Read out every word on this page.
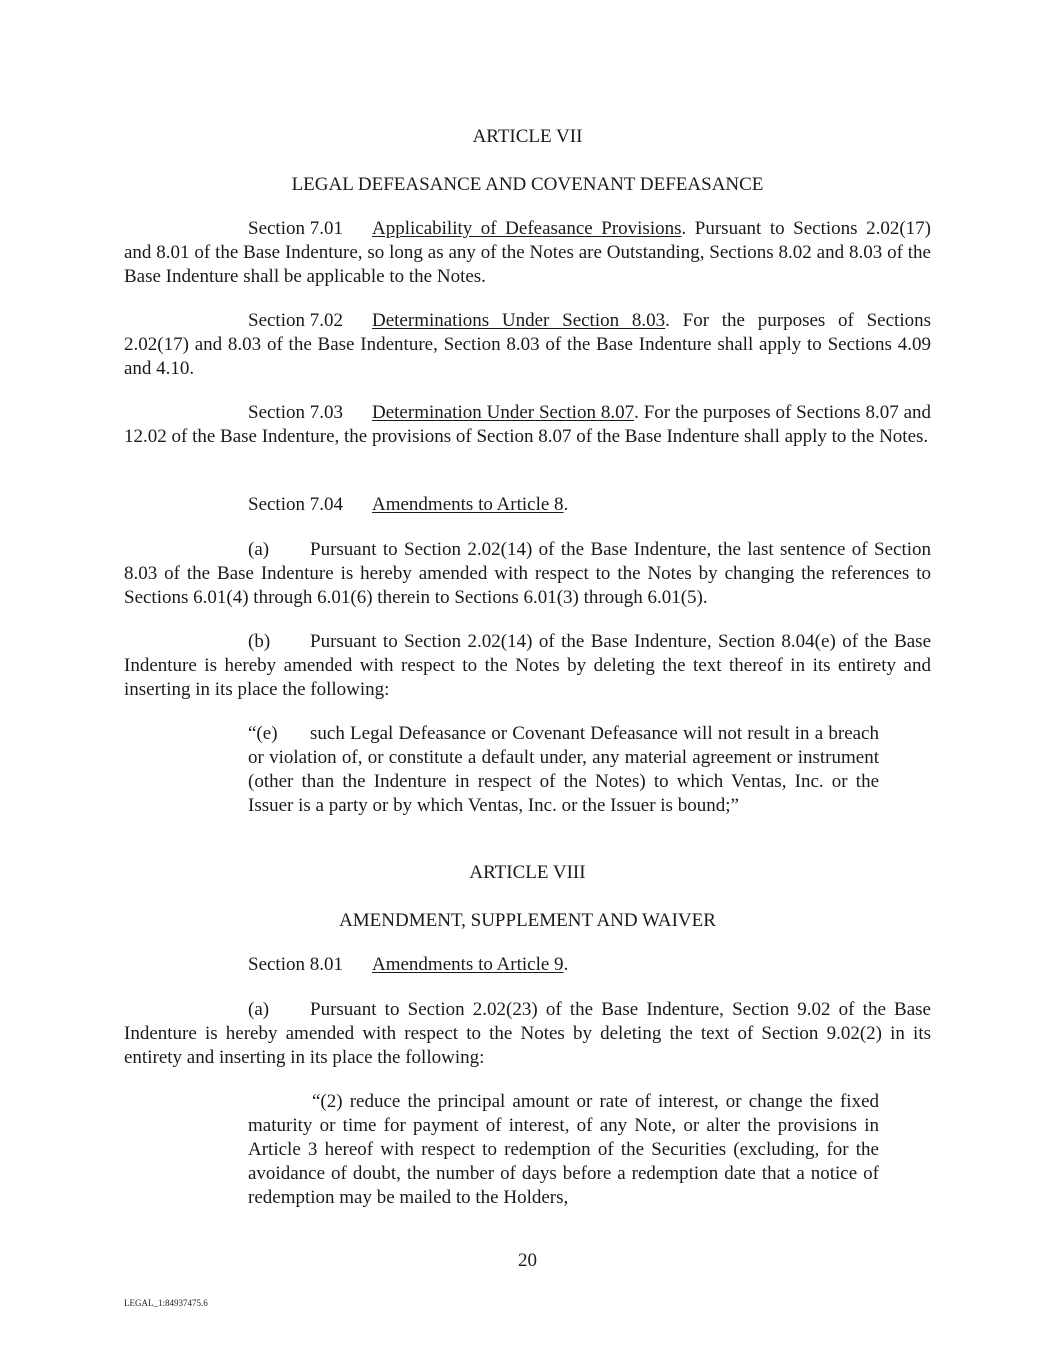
ARTICLE VII
LEGAL DEFEASANCE AND COVENANT DEFEASANCE
Section 7.01 Applicability of Defeasance Provisions. Pursuant to Sections 2.02(17) and 8.01 of the Base Indenture, so long as any of the Notes are Outstanding, Sections 8.02 and 8.03 of the Base Indenture shall be applicable to the Notes.
Section 7.02 Determinations Under Section 8.03. For the purposes of Sections 2.02(17) and 8.03 of the Base Indenture, Section 8.03 of the Base Indenture shall apply to Sections 4.09 and 4.10.
Section 7.03 Determination Under Section 8.07. For the purposes of Sections 8.07 and 12.02 of the Base Indenture, the provisions of Section 8.07 of the Base Indenture shall apply to the Notes.
Section 7.04 Amendments to Article 8.
(a) Pursuant to Section 2.02(14) of the Base Indenture, the last sentence of Section 8.03 of the Base Indenture is hereby amended with respect to the Notes by changing the references to Sections 6.01(4) through 6.01(6) therein to Sections 6.01(3) through 6.01(5).
(b) Pursuant to Section 2.02(14) of the Base Indenture, Section 8.04(e) of the Base Indenture is hereby amended with respect to the Notes by deleting the text thereof in its entirety and inserting in its place the following:
“(e) such Legal Defeasance or Covenant Defeasance will not result in a breach or violation of, or constitute a default under, any material agreement or instrument (other than the Indenture in respect of the Notes) to which Ventas, Inc. or the Issuer is a party or by which Ventas, Inc. or the Issuer is bound;”
ARTICLE VIII
AMENDMENT, SUPPLEMENT AND WAIVER
Section 8.01 Amendments to Article 9.
(a) Pursuant to Section 2.02(23) of the Base Indenture, Section 9.02 of the Base Indenture is hereby amended with respect to the Notes by deleting the text of Section 9.02(2) in its entirety and inserting in its place the following:
“(2) reduce the principal amount or rate of interest, or change the fixed maturity or time for payment of interest, of any Note, or alter the provisions in Article 3 hereof with respect to redemption of the Securities (excluding, for the avoidance of doubt, the number of days before a redemption date that a notice of redemption may be mailed to the Holders,
20
LEGAL_1:84937475.6
